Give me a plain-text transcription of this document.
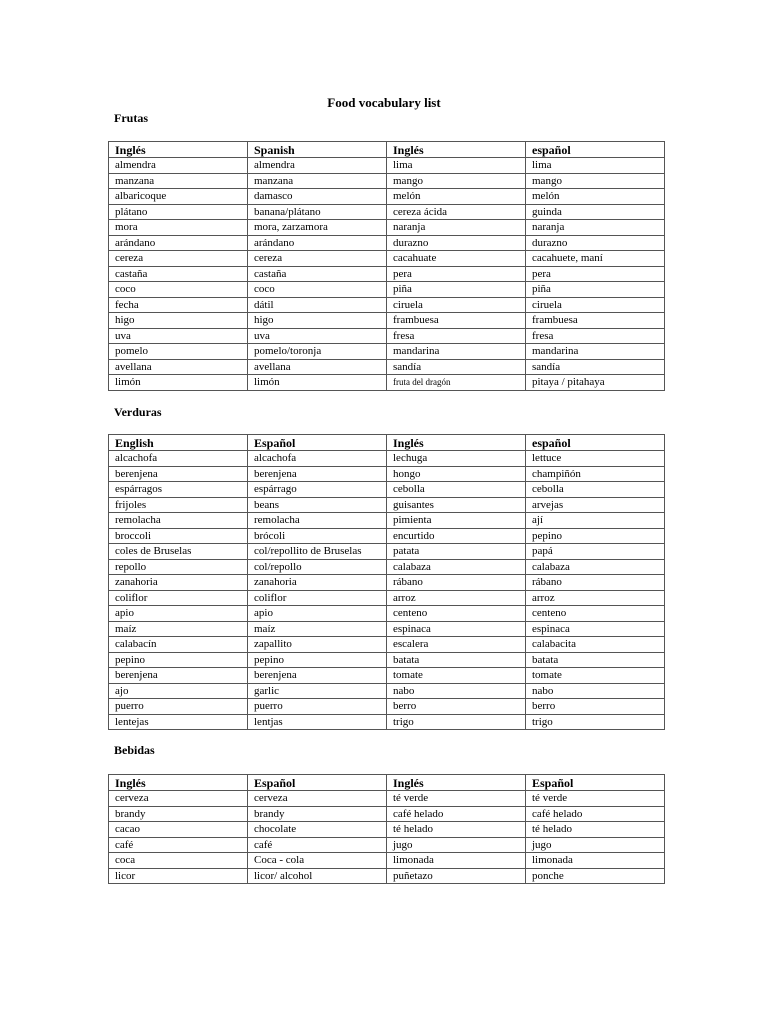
Food vocabulary list
Frutas
Inglés	Spanish	Inglés	español
almendra	almendra	lima	lima
manzana	manzana	mango	mango
albaricoque	damasco	melón	melón
plátano	banana/plátano	cereza ácida	guinda
mora	mora, zarzamora	naranja	naranja
arándano	arándano	durazno	durazno
cereza	cereza	cacahuate	cacahuete, maní
castaña	castaña	pera	pera
coco	coco	piña	piña
fecha	dátil	ciruela	ciruela
higo	higo	frambuesa	frambuesa
uva	uva	fresa	fresa
pomelo	pomelo/toronja	mandarina	mandarina
avellana	avellana	sandía	sandía
limón	limón	fruta del dragón	pitaya / pitahaya
Verduras
English	Español	Inglés	español
alcachofa	alcachofa	lechuga	lettuce
berenjena	berenjena	hongo	champiñón
espárragos	espárrago	cebolla	cebolla
frijoles	beans	guisantes	arvejas
remolacha	remolacha	pimienta	ají
broccoli	brócoli	encurtido	pepino
coles de Bruselas	col/repollito de Bruselas	patata	papá
repollo	col/repollo	calabaza	calabaza
zanahoria	zanahoria	rábano	rábano
coliflor	coliflor	arroz	arroz
apio	apio	centeno	centeno
maíz	maíz	espinaca	espinaca
calabacín	zapallito	escalera	calabacita
pepino	pepino	batata	batata
berenjena	berenjena	tomate	tomate
ajo	garlic	nabo	nabo
puerro	puerro	berro	berro
lentejas	lentjas	trigo	trigo
Bebidas
Inglés	Español	Inglés	Español
cerveza	cerveza	té verde	té verde
brandy	brandy	café helado	café helado
cacao	chocolate	té helado	té helado
café	café	jugo	jugo
coca	Coca - cola	limonada	limonada
licor	licor/ alcohol	puñetazo	ponche
